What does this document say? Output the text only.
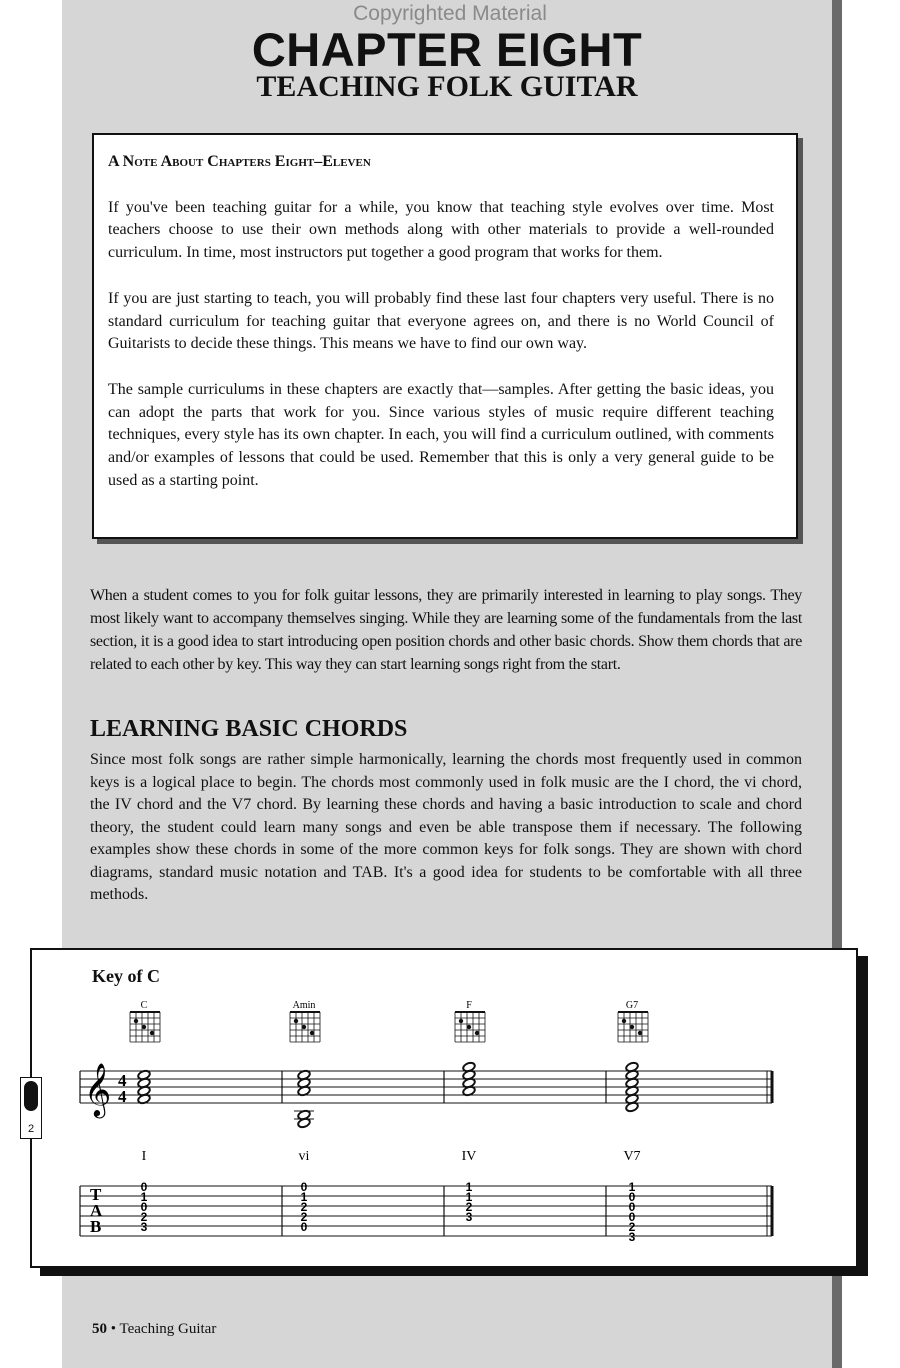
Copyrighted Material
CHAPTER EIGHT
TEACHING FOLK GUITAR

A Note About Chapters Eight–Eleven

If you've been teaching guitar for a while, you know that teaching style evolves over time. Most teachers choose to use their own methods along with other materials to provide a well-rounded curriculum. In time, most instructors put together a good program that works for them.

If you are just starting to teach, you will probably find these last four chapters very useful. There is no standard curriculum for teaching guitar that everyone agrees on, and there is no World Council of Guitarists to decide these things. This means we have to find our own way.

The sample curriculums in these chapters are exactly that—samples. After getting the basic ideas, you can adopt the parts that work for you. Since various styles of music require different teaching techniques, every style has its own chapter. In each, you will find a curriculum outlined, with comments and/or examples of lessons that could be used. Remember that this is only a very general guide to be used as a starting point.

When a student comes to you for folk guitar lessons, they are primarily interested in learning to play songs. They most likely want to accompany themselves singing. While they are learning some of the fundamentals from the last section, it is a good idea to start introducing open position chords and other basic chords. Show them chords that are related to each other by key. This way they can start learning songs right from the start.

LEARNING BASIC CHORDS

Since most folk songs are rather simple harmonically, learning the chords most frequently used in common keys is a logical place to begin. The chords most commonly used in folk music are the I chord, the vi chord, the IV chord and the V7 chord. By learning these chords and having a basic introduction to scale and chord theory, the student could learn many songs and even be able transpose them if necessary. The following examples show these chords in some of the more common keys for folk songs. They are shown with chord diagrams, standard music notation and TAB. It's a good idea for students to be comfortable with all three methods.

Key of C

𝄞 4
4
T
A
B
C
I
0
1
0
2
3
Amin
vi
0
1
2
2
0
F
IV
1
1
2
3
G7
V7
1
0
0
0
2
3
2

50 • Teaching Guitar
